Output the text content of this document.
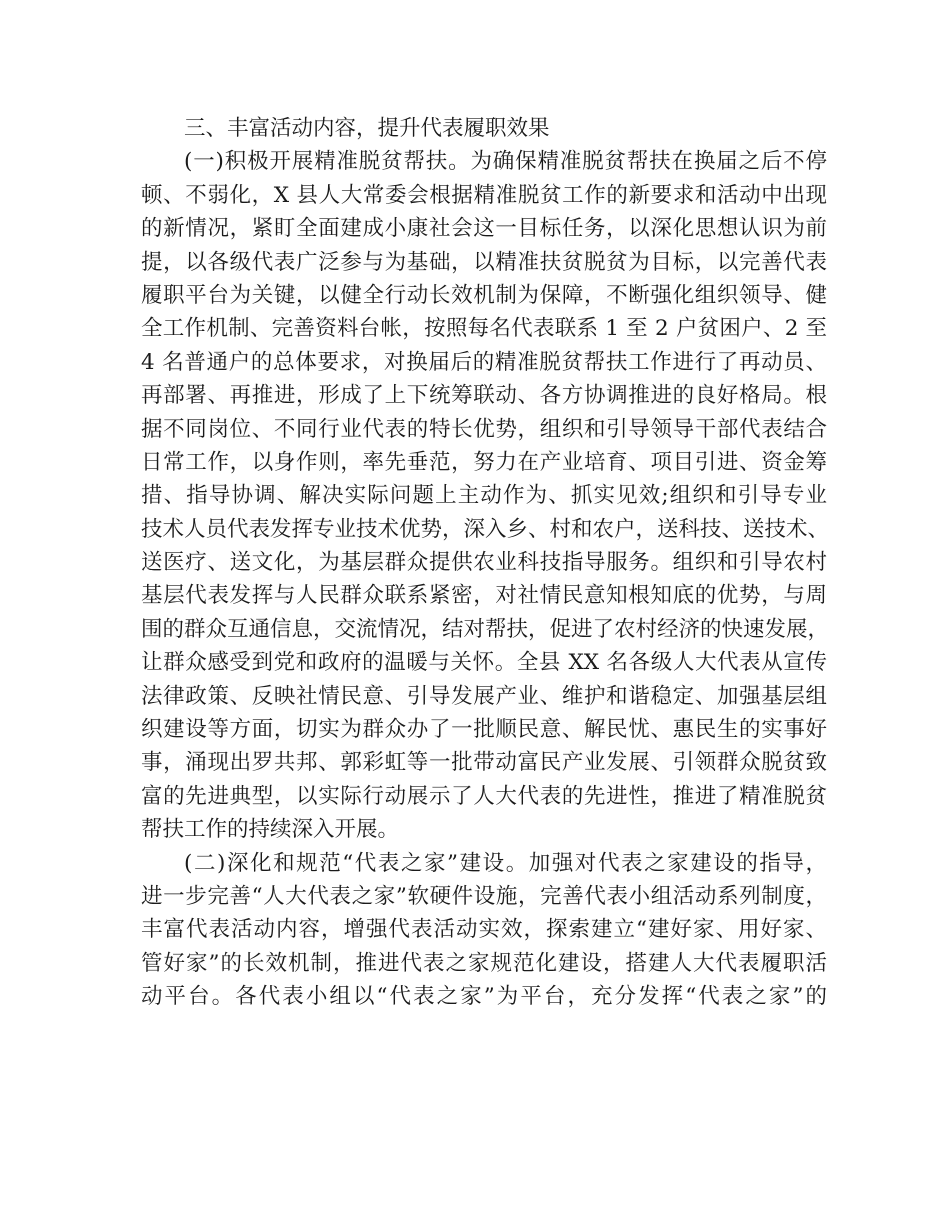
三、丰富活动内容，提升代表履职效果
(一)积极开展精准脱贫帮扶。为确保精准脱贫帮扶在换届之后不停
顿、不弱化，X 县人大常委会根据精准脱贫工作的新要求和活动中出现
的新情况，紧盯全面建成小康社会这一目标任务，以深化思想认识为前
提，以各级代表广泛参与为基础，以精准扶贫脱贫为目标，以完善代表
履职平台为关键，以健全行动长效机制为保障，不断强化组织领导、健
全工作机制、完善资料台帐，按照每名代表联系 1 至 2 户贫困户、2 至
4 名普通户的总体要求，对换届后的精准脱贫帮扶工作进行了再动员、
再部署、再推进，形成了上下统筹联动、各方协调推进的良好格局。根
据不同岗位、不同行业代表的特长优势，组织和引导领导干部代表结合
日常工作，以身作则，率先垂范，努力在产业培育、项目引进、资金筹
措、指导协调、解决实际问题上主动作为、抓实见效;组织和引导专业
技术人员代表发挥专业技术优势，深入乡、村和农户，送科技、送技术、
送医疗、送文化，为基层群众提供农业科技指导服务。组织和引导农村
基层代表发挥与人民群众联系紧密，对社情民意知根知底的优势，与周
围的群众互通信息，交流情况，结对帮扶，促进了农村经济的快速发展，
让群众感受到党和政府的温暖与关怀。全县 XX 名各级人大代表从宣传
法律政策、反映社情民意、引导发展产业、维护和谐稳定、加强基层组
织建设等方面，切实为群众办了一批顺民意、解民忧、惠民生的实事好
事，涌现出罗共邦、郭彩虹等一批带动富民产业发展、引领群众脱贫致
富的先进典型，以实际行动展示了人大代表的先进性，推进了精准脱贫
帮扶工作的持续深入开展。
(二)深化和规范“代表之家”建设。加强对代表之家建设的指导，
进一步完善“人大代表之家”软硬件设施，完善代表小组活动系列制度，
丰富代表活动内容，增强代表活动实效，探索建立“建好家、用好家、
管好家”的长效机制，推进代表之家规范化建设，搭建人大代表履职活
动平台。各代表小组以“代表之家”为平台，充分发挥“代表之家”的
